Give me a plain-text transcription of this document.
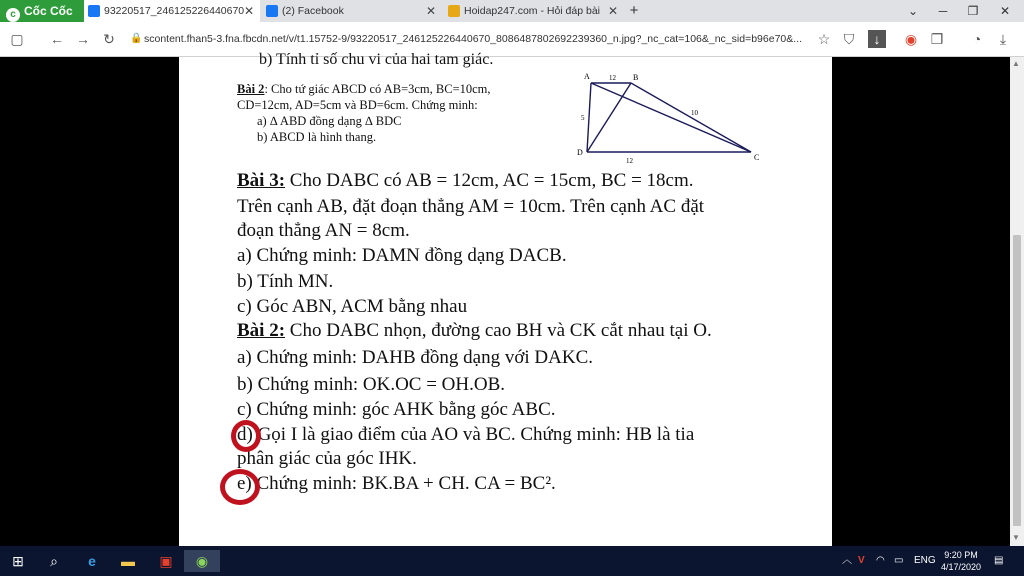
c Cốc Cốc	93220517_246125226440670 ✕	(2) Facebook	✕	Hoidap247.com - Hỏi đáp bài ✕ +	⌄	─	❐	✕
▢ ← → ↻	🔒 scontent.fhan5-3.fna.fbcdn.net/v/t1.15752-9/93220517_246125226440670_8086487802692239360_n.jpg?_nc_cat=106&_nc_sid=b96e70&...	☆ ⛉	↓	◉ ❐	◔	⤓
b) Tính tỉ số chu vi của hai tam giác.
Bài 2: Cho tứ giác ABCD có AB=3cm, BC=10cm,
CD=12cm, AD=5cm và BD=6cm. Chứng minh:
a) ∆ ABD đồng dạng ∆ BDC
b) ABCD là hình thang.
A	B
C
D
12
5
10
12
Bài 3: Cho DABC có AB = 12cm, AC = 15cm, BC = 18cm.
Trên cạnh AB, đặt đoạn thẳng AM = 10cm. Trên cạnh AC đặt
đoạn thẳng AN = 8cm.
a) Chứng minh: DAMN đồng dạng DACB.
b) Tính MN.
c) Góc ABN, ACM bằng nhau
Bài 2: Cho DABC nhọn, đường cao BH và CK cắt nhau tại O.
a) Chứng minh: DAHB đồng dạng với DAKC.
b) Chứng minh: OK.OC = OH.OB.
c) Chứng minh: góc AHK bằng góc ABC.
d) Gọi I là giao điểm của AO và BC. Chứng minh: HB là tia
phân giác của góc IHK.
e) Chứng minh: BK.BA + CH. CA = BC².
▲
▼
⊞	⌕	e	▬	▣	◉	︿ V ◠ ▭ ENG 9:20 PM
4/17/2020
▤
